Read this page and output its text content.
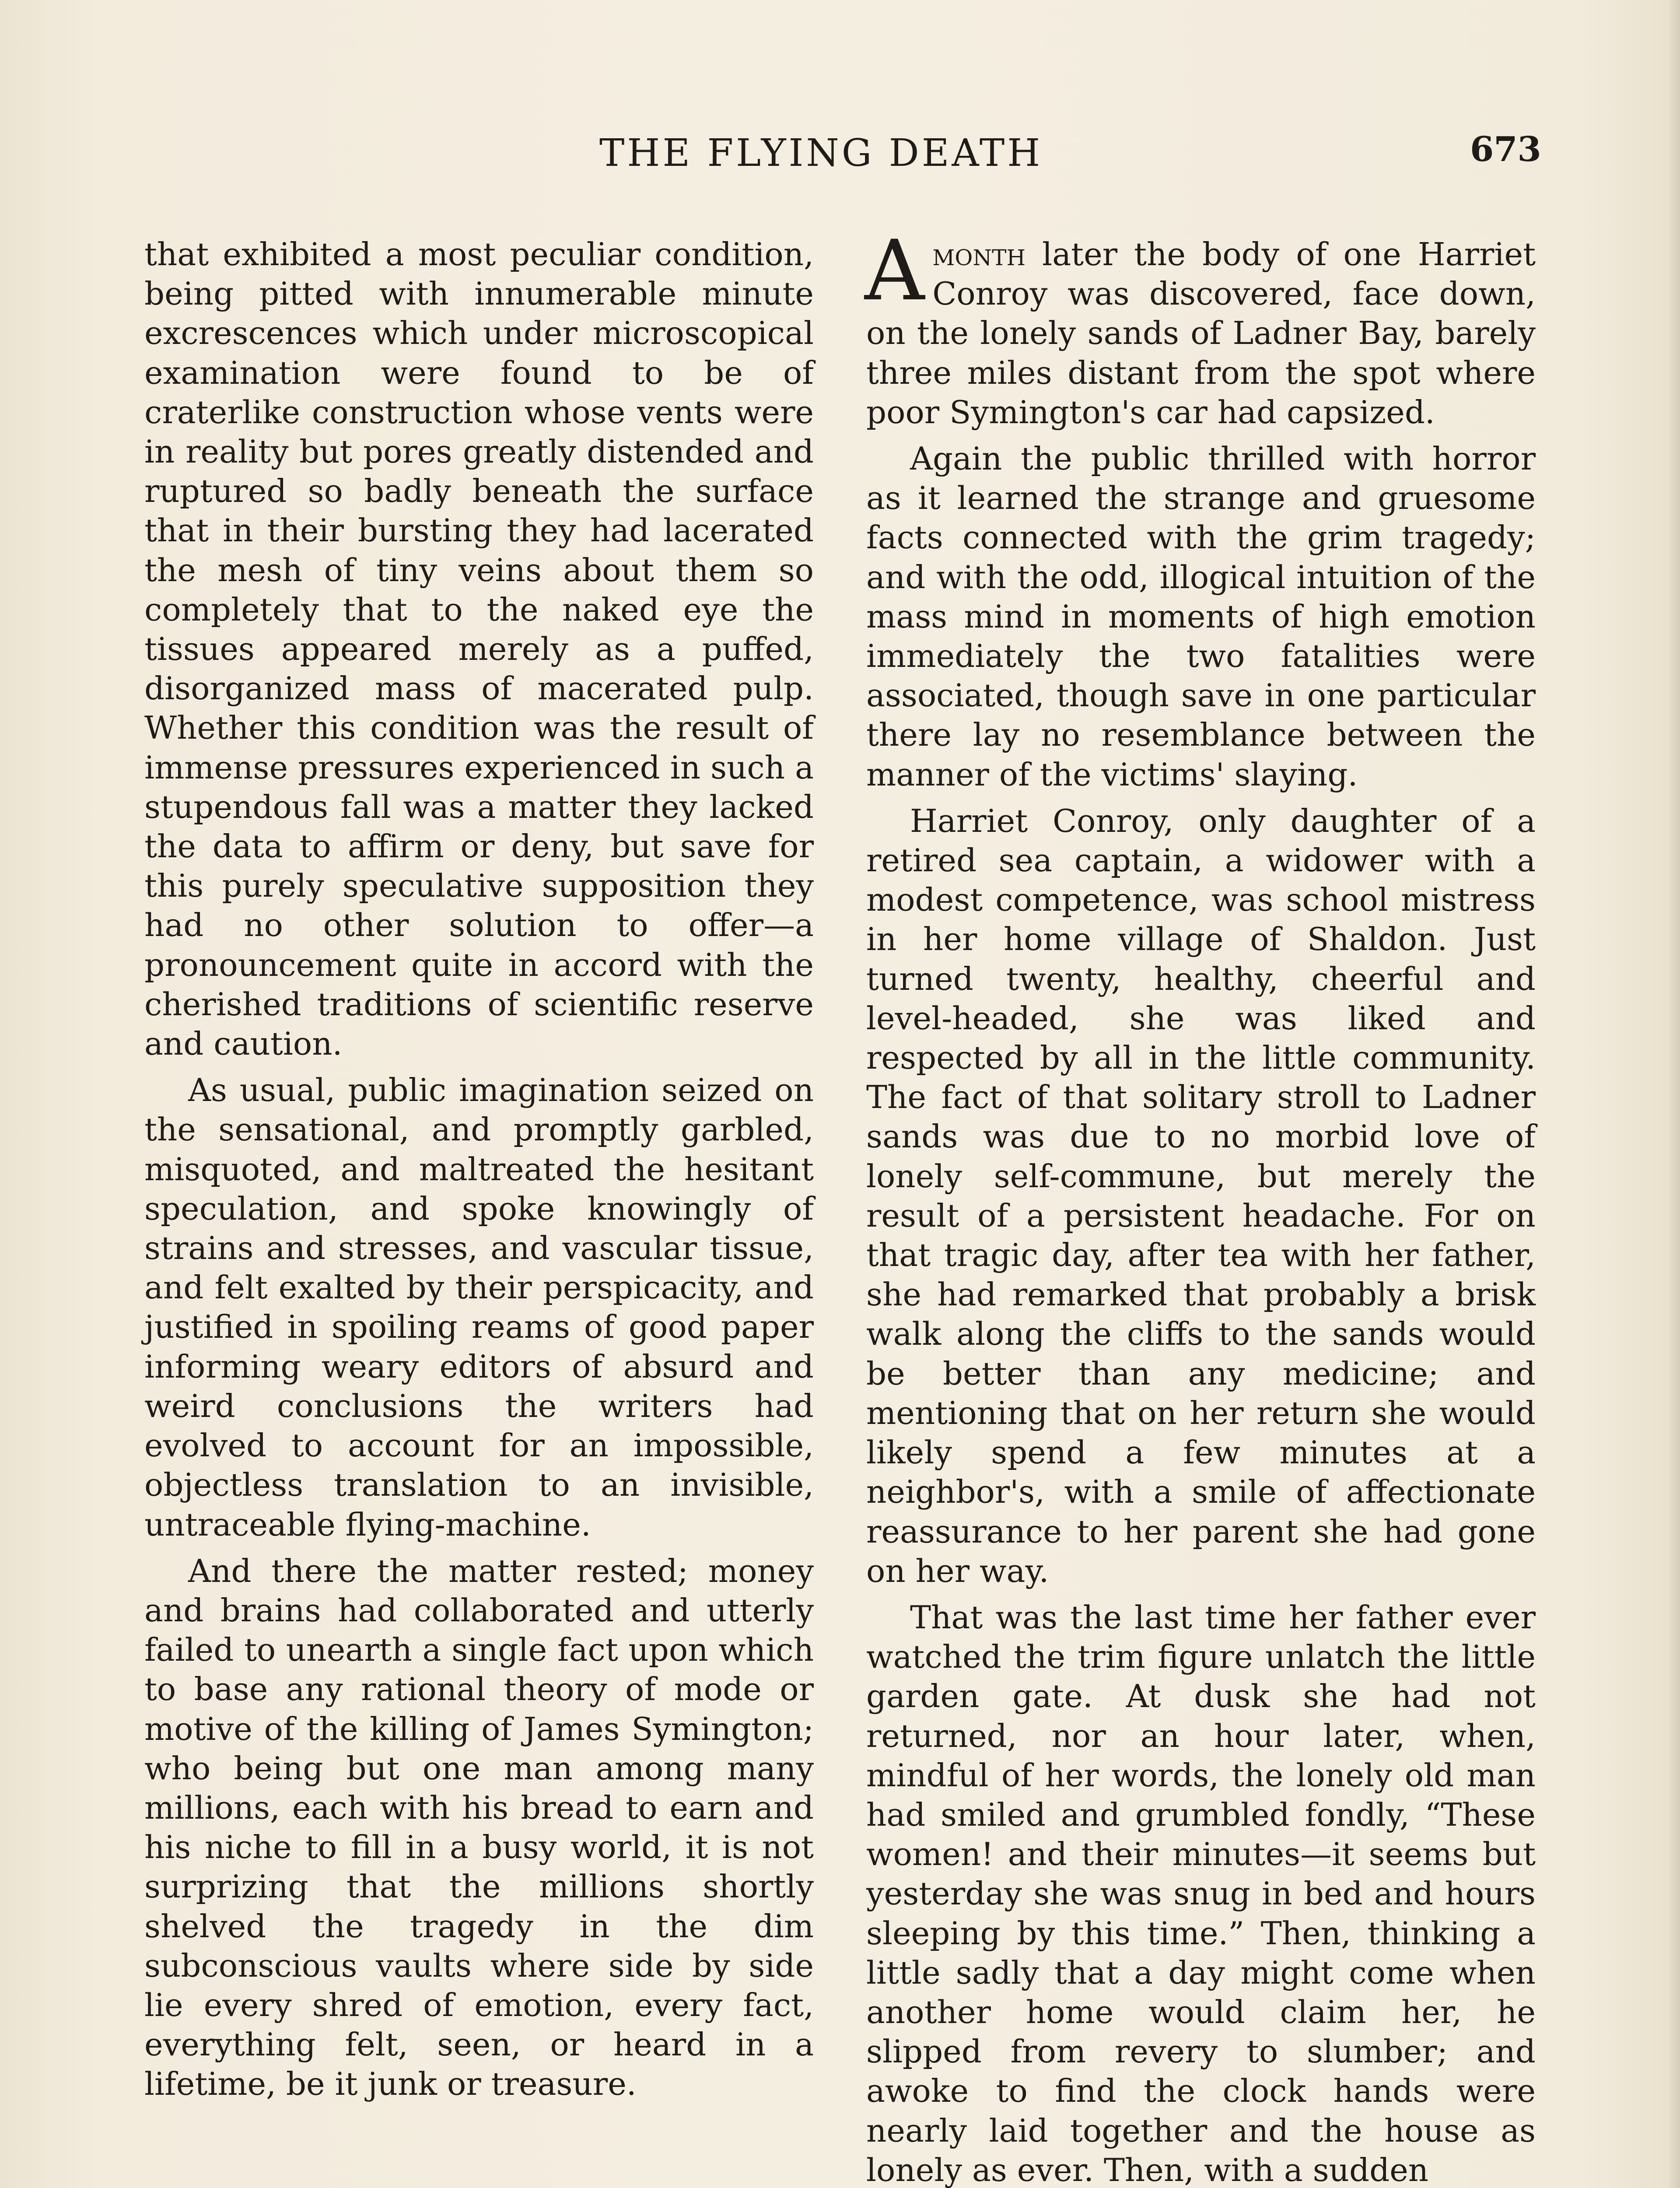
THE FLYING DEATH	673

that exhibited a most peculiar condition, being pitted with innumerable minute excrescences which under microscopical examination were found to be of craterlike construction whose vents were in reality but pores greatly distended and ruptured so badly beneath the surface that in their bursting they had lacerated the mesh of tiny veins about them so completely that to the naked eye the tissues appeared merely as a puffed, disorganized mass of macerated pulp. Whether this condition was the result of immense pressures experienced in such a stupendous fall was a matter they lacked the data to affirm or deny, but save for this purely speculative supposition they had no other solution to offer—a pronouncement quite in accord with the cherished traditions of scientific reserve and caution.

As usual, public imagination seized on the sensational, and promptly garbled, misquoted, and maltreated the hesitant speculation, and spoke knowingly of strains and stresses, and vascular tissue, and felt exalted by their perspicacity, and justified in spoiling reams of good paper informing weary editors of absurd and weird conclusions the writers had evolved to account for an impossible, objectless translation to an invisible, untraceable flying-machine.

And there the matter rested; money and brains had collaborated and utterly failed to unearth a single fact upon which to base any rational theory of mode or motive of the killing of James Symington; who being but one man among many millions, each with his bread to earn and his niche to fill in a busy world, it is not surprizing that the millions shortly shelved the tragedy in the dim subconscious vaults where side by side lie every shred of emotion, every fact, everything felt, seen, or heard in a lifetime, be it junk or treasure.

Amonth later the body of one Harriet Conroy was discovered, face down, on the lonely sands of Ladner Bay, barely three miles distant from the spot where poor Symington's car had capsized.

Again the public thrilled with horror as it learned the strange and gruesome facts connected with the grim tragedy; and with the odd, illogical intuition of the mass mind in moments of high emotion immediately the two fatalities were associated, though save in one particular there lay no resemblance between the manner of the victims' slaying.

Harriet Conroy, only daughter of a retired sea captain, a widower with a modest competence, was school mistress in her home village of Shaldon. Just turned twenty, healthy, cheerful and level-headed, she was liked and respected by all in the little community. The fact of that solitary stroll to Ladner sands was due to no morbid love of lonely self-commune, but merely the result of a persistent headache. For on that tragic day, after tea with her father, she had remarked that probably a brisk walk along the cliffs to the sands would be better than any medicine; and mentioning that on her return she would likely spend a few minutes at a neighbor's, with a smile of affectionate reassurance to her parent she had gone on her way.

That was the last time her father ever watched the trim figure unlatch the little garden gate. At dusk she had not returned, nor an hour later, when, mindful of her words, the lonely old man had smiled and grumbled fondly, “These women! and their minutes—it seems but yesterday she was snug in bed and hours sleeping by this time.” Then, thinking a little sadly that a day might come when another home would claim her, he slipped from revery to slumber; and awoke to find the clock hands were nearly laid together and the house as lonely as ever. Then, with a sudden
